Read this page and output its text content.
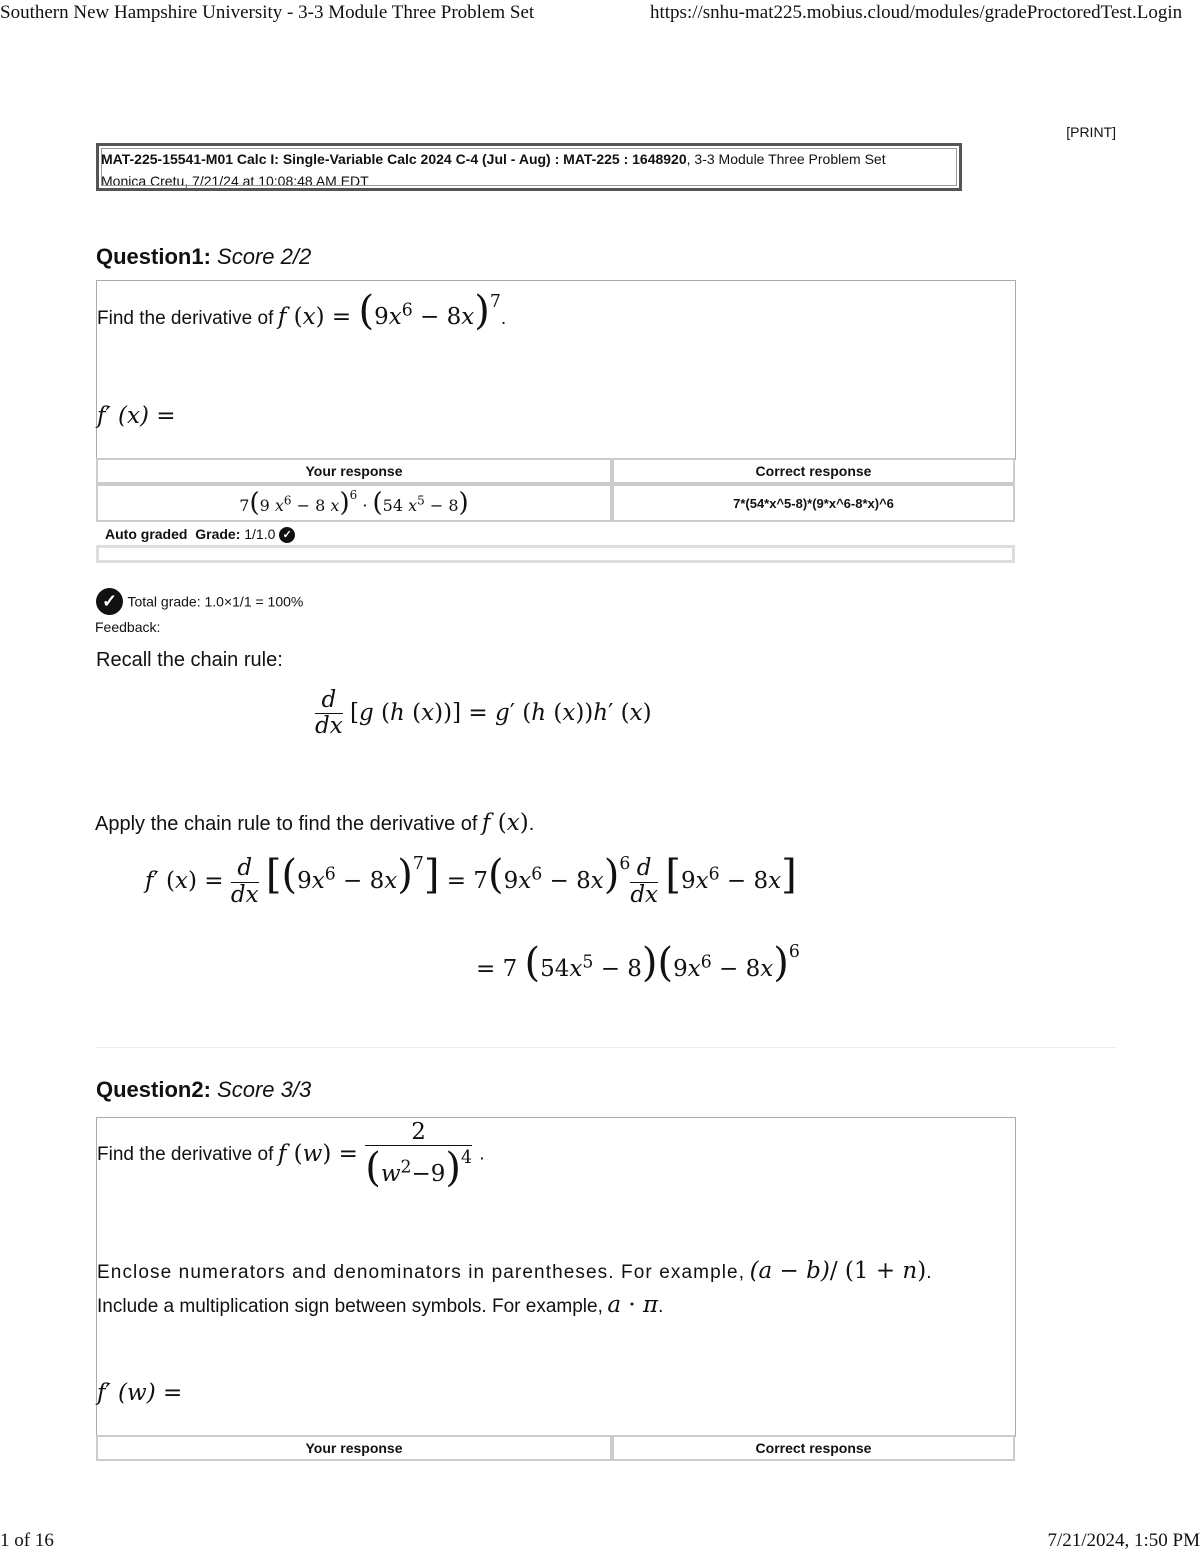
Southern New Hampshire University - 3-3 Module Three Problem Set	https://snhu-mat225.mobius.cloud/modules/gradeProctoredTest.Login
[PRINT]
MAT-225-15541-M01 Calc I: Single-Variable Calc 2024 C-4 (Jul - Aug) : MAT-225 : 1648920, 3-3 Module Three Problem Set
Monica Cretu, 7/21/24 at 10:08:48 AM EDT
Question1: Score 2/2
Find the derivative of f $(x) = (9x^6 - 8x)^7$.
f′ (x) =
Your response	Correct response
7(9 $x^6 - 8$ x)$^6$ · (54 $x^5 - 8$)	7*(54*x^5-8)*(9*x^6-8*x)^6
Auto graded Grade: 1/1.0 ✓
✓ Total grade: 1.0×1/1 = 100%
Feedback:
Recall the chain rule:
$\frac{d}{dx} [g$ (h (x))] = g′ (h (x))h′ (x)
Apply the chain rule to find the derivative of f (x).
f′ $(x) = \frac{d}{dx} [(9x^6 - 8x)^7] = 7(9x^6 - 8x)^6 \frac{d}{dx} [9x^6 - 8x]$
= 7 $(54x^5 - 8)(9x^6 - 8x)^6$
Question2: Score 3/3
Find the derivative of f $(w) = \frac{2}{(w^2-9)^4}$ .
Enclose numerators and denominators in parentheses. For example, (a − b)/ (1 + n).
Include a multiplication sign between symbols. For example, a · π.
f′ (w) =
Your response	Correct response
1 of 16	7/21/2024, 1:50 PM
